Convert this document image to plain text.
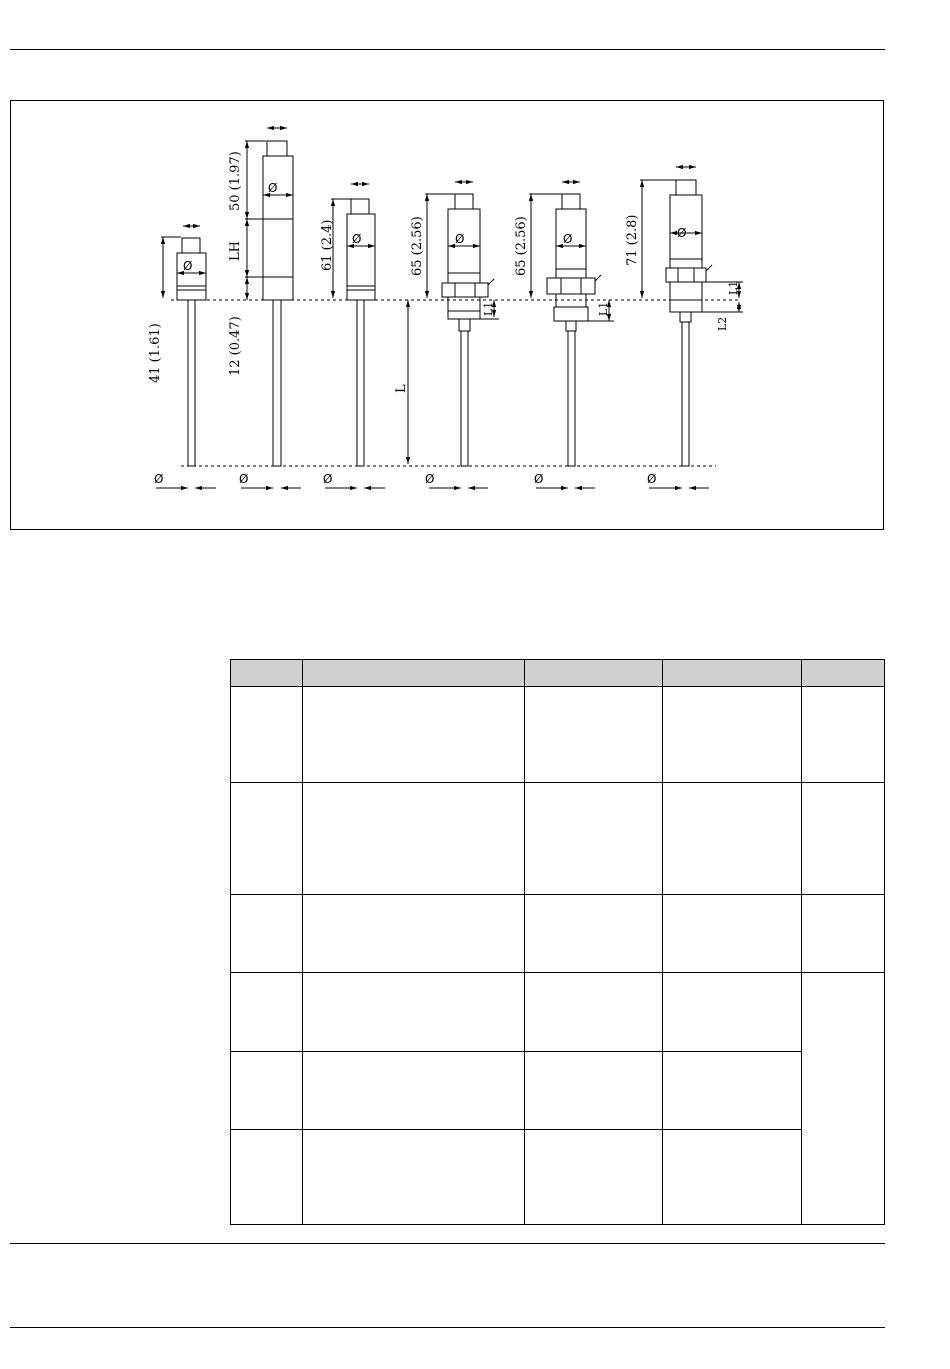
41 (1.61)
50 (1.97)
LH
12 (0.47)
61 (2.4)	65 (2.56)	65 (2.56)	71 (2.8)
L
L1	L1
L1
L2
Ø
Ø
Ø	Ø	Ø	Ø
Ø	Ø	Ø	Ø	Ø	Ø
